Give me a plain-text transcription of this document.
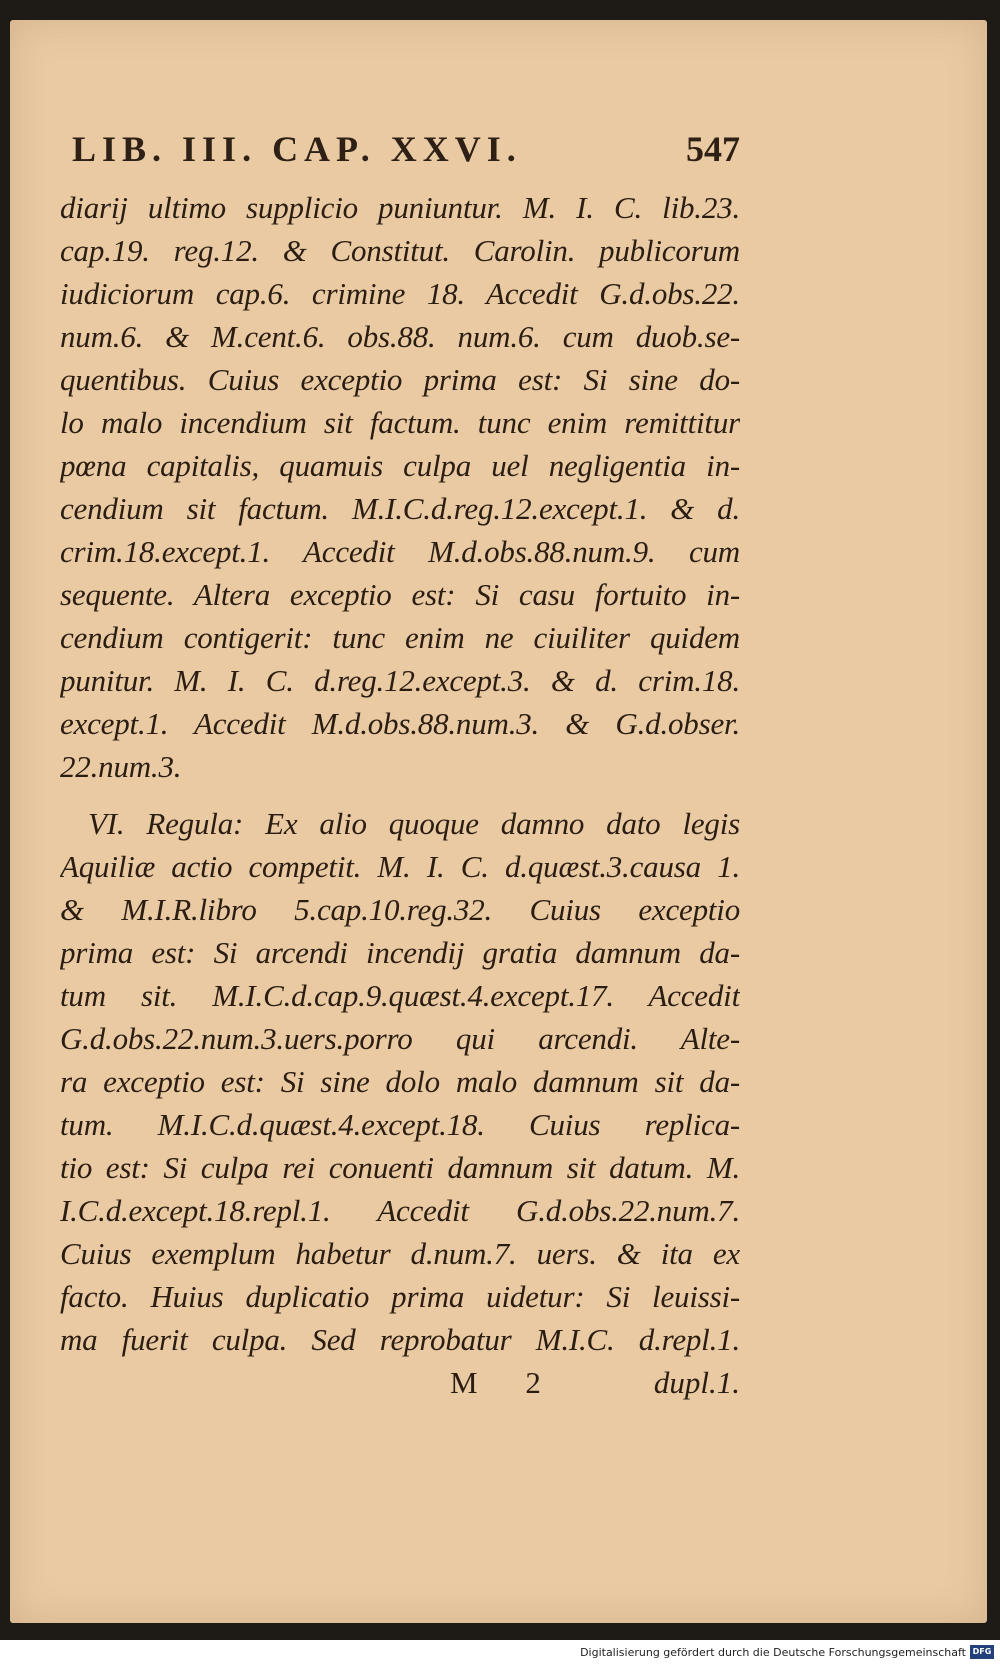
LIB. III. CAP. XXVI.	547
diarij ultimo supplicio puniuntur. M. I. C. lib.23.
cap.19. reg.12. & Constitut. Carolin. publicorum
iudiciorum cap.6. crimine 18. Accedit G.d.obs.22.
num.6. & M.cent.6. obs.88. num.6. cum duob.se-
quentibus. Cuius exceptio prima est: Si sine do-
lo malo incendium sit factum. tunc enim remittitur
pœna capitalis, quamuis culpa uel negligentia in-
cendium sit factum. M.I.C.d.reg.12.except.1. & d.
crim.18.except.1. Accedit M.d.obs.88.num.9. cum
sequente. Altera exceptio est: Si casu fortuito in-
cendium contigerit: tunc enim ne ciuiliter quidem
punitur. M. I. C. d.reg.12.except.3. & d. crim.18.
except.1. Accedit M.d.obs.88.num.3. & G.d.obser.
22.num.3.
VI. Regula: Ex alio quoque damno dato legis
Aquiliæ actio competit. M. I. C. d.quæst.3.causa 1.
& M.I.R.libro 5.cap.10.reg.32. Cuius exceptio
prima est: Si arcendi incendij gratia damnum da-
tum sit. M.I.C.d.cap.9.quæst.4.except.17. Accedit
G.d.obs.22.num.3.uers.porro qui arcendi. Alte-
ra exceptio est: Si sine dolo malo damnum sit da-
tum. M.I.C.d.quæst.4.except.18. Cuius replica-
tio est: Si culpa rei conuenti damnum sit datum. M.
I.C.d.except.18.repl.1. Accedit G.d.obs.22.num.7.
Cuius exemplum habetur d.num.7. uers. & ita ex
facto. Huius duplicatio prima uidetur: Si leuissi-
ma fuerit culpa. Sed reprobatur M.I.C. d.repl.1.
M 2	dupl.1.
Digitalisierung gefördert durch die Deutsche Forschungsgemeinschaft DFG
